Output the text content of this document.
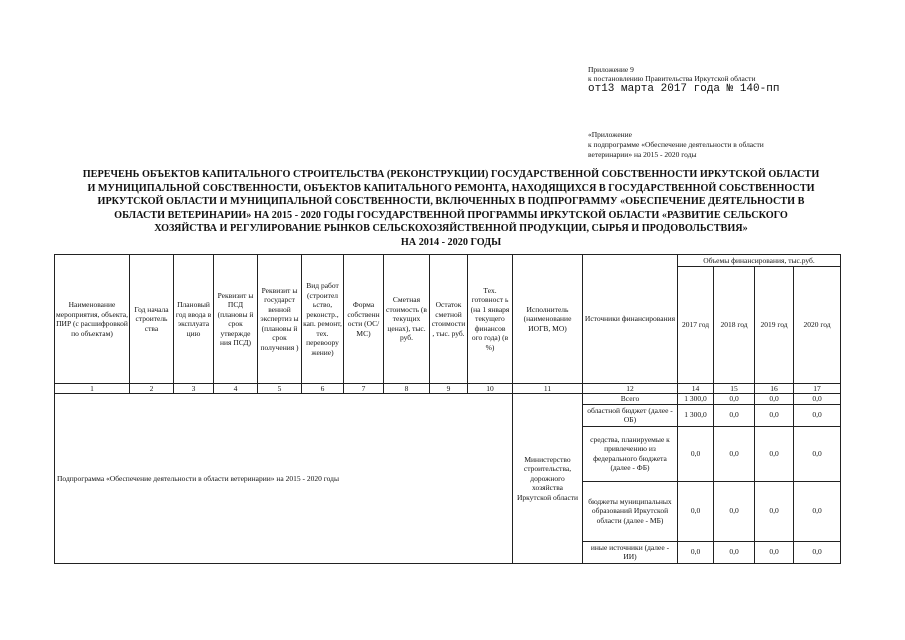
Приложение 9
к постановлению Правительства Иркутской области
от13 марта 2017 года № 140-пп
«Приложение
к подпрограмме «Обеспечение деятельности в области
ветеринарии» на 2015 - 2020 годы
ПЕРЕЧЕНЬ ОБЪЕКТОВ КАПИТАЛЬНОГО СТРОИТЕЛЬСТВА (РЕКОНСТРУКЦИИ) ГОСУДАРСТВЕННОЙ СОБСТВЕННОСТИ ИРКУТСКОЙ ОБЛАСТИ
И МУНИЦИПАЛЬНОЙ СОБСТВЕННОСТИ, ОБЪЕКТОВ КАПИТАЛЬНОГО РЕМОНТА, НАХОДЯЩИХСЯ В ГОСУДАРСТВЕННОЙ СОБСТВЕННОСТИ
ИРКУТСКОЙ ОБЛАСТИ И МУНИЦИПАЛЬНОЙ СОБСТВЕННОСТИ, ВКЛЮЧЕННЫХ В ПОДПРОГРАММУ «ОБЕСПЕЧЕНИЕ ДЕЯТЕЛЬНОСТИ В
ОБЛАСТИ ВЕТЕРИНАРИИ» НА 2015 - 2020 ГОДЫ ГОСУДАРСТВЕННОЙ ПРОГРАММЫ ИРКУТСКОЙ ОБЛАСТИ «РАЗВИТИЕ СЕЛЬСКОГО
ХОЗЯЙСТВА И РЕГУЛИРОВАНИЕ РЫНКОВ СЕЛЬСКОХОЗЯЙСТВЕННОЙ ПРОДУКЦИИ, СЫРЬЯ И ПРОДОВОЛЬСТВИЯ»
НА 2014 - 2020 ГОДЫ
Наименование мероприятия, объекта, ПИР (с расшифровкой по объектам)	Год начала строитель ства	Плановый год ввода в эксплуата цию	Реквизит ы ПСД (плановы й срок утвержде ния ПСД)	Реквизит ы государст венной экспертиз ы (плановы й срок получения )	Вид работ (строител ьство, реконстр., кап. ремонт, тех. перевоору жение)	Форма собственн ости (ОС/МС)	Сметная стоимость (в текущих ценах), тыс. руб.	Остаток сметной стоимости , тыс. руб.	Тех. готовност ь (на 1 января текущего финансов ого года) (в %)	Исполнитель (наименование ИОГВ, МО)	Источники финансирования	Объемы финансирования, тыс.руб.			
												2017 год	2018 год	2019 год	2020 год
1	2	3	4	5	6	7	8	9	10	11	12	14	15	16	17
Подпрограмма «Обеспечение деятельности в области ветеринарии» на 2015 - 2020 годы										Министерство строительства, дорожного хозяйства Иркутской области	Всего	1 300,0	0,0	0,0	0,0
											областной бюджет (далее - ОБ)	1 300,0	0,0	0,0	0,0
											средства, планируемые к привлечению из федерального бюджета (далее - ФБ)	0,0	0,0	0,0	0,0
											бюджеты муниципальных образований Иркутской области (далее - МБ)	0,0	0,0	0,0	0,0
											иные источники (далее - ИИ)	0,0	0,0	0,0	0,0
